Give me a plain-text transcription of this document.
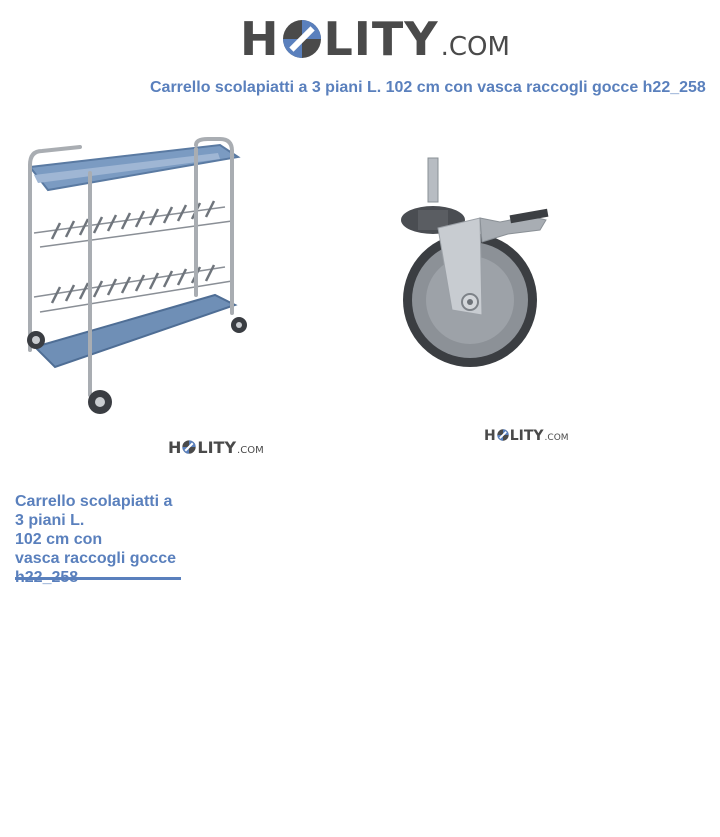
H LITY .COM
Carrello scolapiatti a 3 piani L. 102 cm con vasca raccogli gocce h22_258
H LITY .COM
H LITY .COM

Carrello scolapiatti a
3 piani L.
102 cm con
vasca raccogli gocce
